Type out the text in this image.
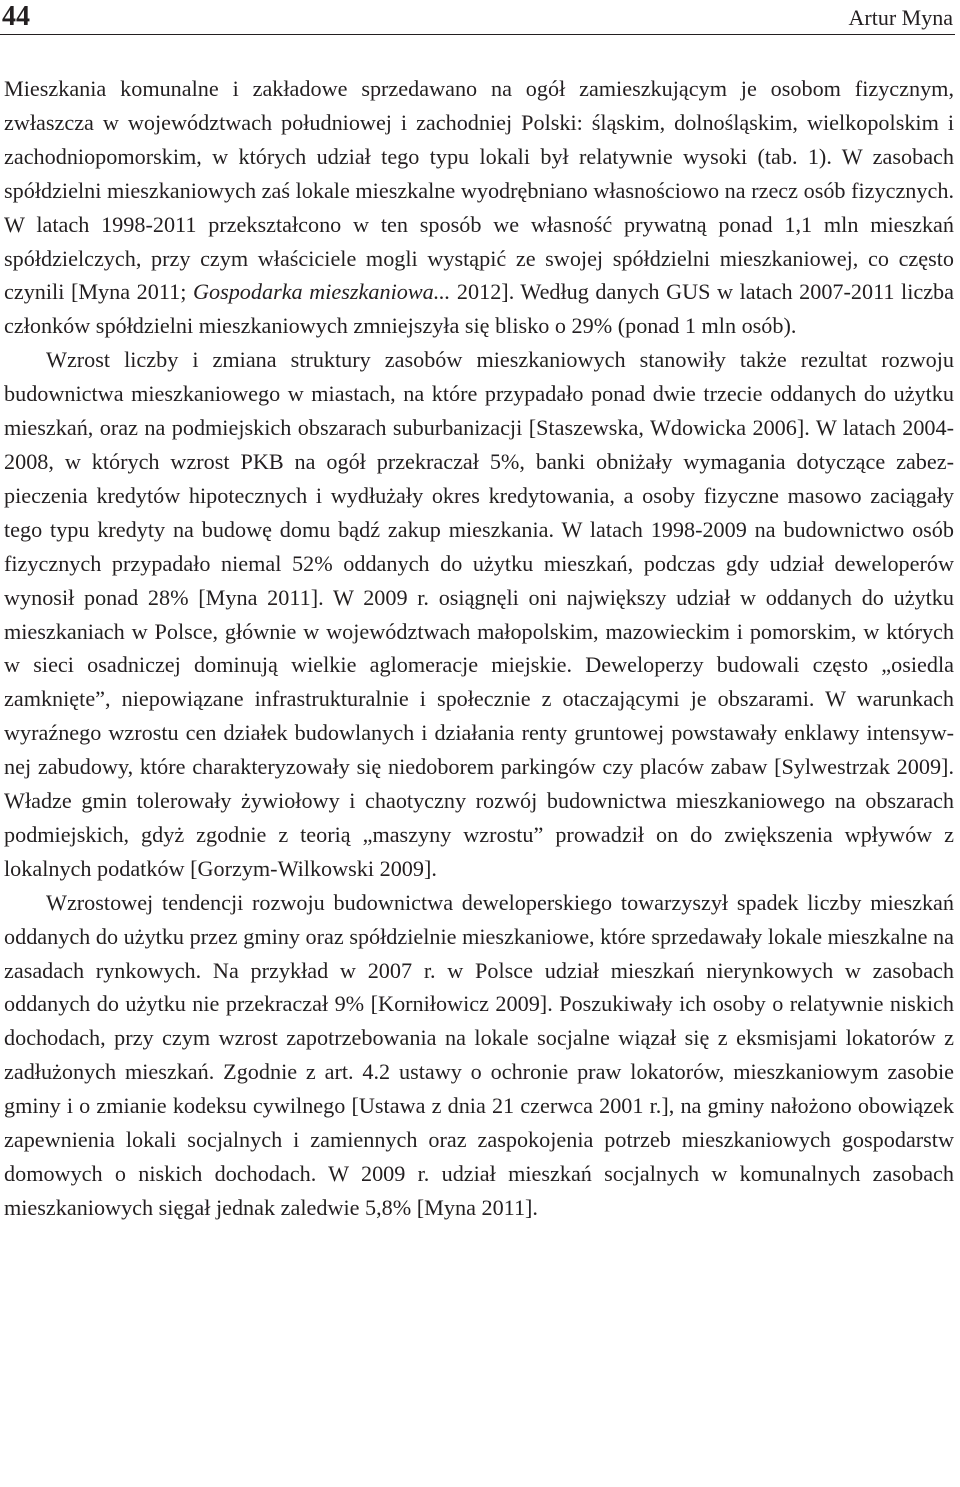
44	Artur Myna

Mieszkania komunalne i zakładowe sprzedawano na ogół zamieszkującym je osobom fizycznym, zwłaszcza w województwach południowej i zachodniej Polski: śląskim, dolnośląskim, wielkopolskim i zachodniopomorskim, w których udział tego typu lokali był relatywnie wysoki (tab. 1). W zasobach spółdzielni mieszkaniowych zaś lokale mieszkalne wyodrębniano własnościowo na rzecz osób fizycznych. W latach 1998-2011 przekształcono w ten sposób we własność prywatną ponad 1,1 mln mieszkań spółdzielczych, przy czym właściciele mogli wystąpić ze swojej spółdzielni mieszkaniowej, co często czynili [Myna 2011; Gospodarka mieszkaniowa... 2012]. Według danych GUS w latach 2007-2011 liczba członków spółdzielni mieszkaniowych zmniejszyła się blisko o 29% (ponad 1 mln osób).

Wzrost liczby i zmiana struktury zasobów mieszkaniowych stanowiły także rezultat rozwoju budownictwa mieszkaniowego w miastach, na które przypadało ponad dwie trzecie oddanych do użytku mieszkań, oraz na podmiejskich obszarach suburbanizacji [Staszewska, Wdowicka 2006]. W latach 2004-2008, w których wzrost PKB na ogół przekraczał 5%, banki obniżały wymagania dotyczące zabezpieczenia kredytów hipotecznych i wydłużały okres kredytowania, a osoby fizyczne masowo zaciągały tego typu kredyty na budowę domu bądź zakup mieszkania. W latach 1998-2009 na budownictwo osób fizycznych przypadało niemal 52% oddanych do użytku mieszkań, podczas gdy udział deweloperów wynosił ponad 28% [Myna 2011]. W 2009 r. osiągnęli oni największy udział w oddanych do użytku mieszkaniach w Polsce, głównie w województwach małopolskim, mazowieckim i pomorskim, w których w sieci osadniczej dominują wielkie aglomeracje miejskie. Deweloperzy budowali często „osiedla zamknięte”, niepowiązane infrastrukturalnie i społecznie z otaczającymi je obszarami. W warunkach wyraźnego wzrostu cen działek budowlanych i działania renty gruntowej powstawały enklawy intensywnej zabudowy, które charakteryzowały się niedoborem parkingów czy placów zabaw [Sylwestrzak 2009]. Władze gmin tolerowały żywiołowy i chaotyczny rozwój budownictwa mieszkaniowego na obszarach podmiejskich, gdyż zgodnie z teorią „maszyny wzrostu” prowadził on do zwiększenia wpływów z lokalnych podatków [Gorzym-Wilkowski 2009].

Wzrostowej tendencji rozwoju budownictwa deweloperskiego towarzyszył spadek liczby mieszkań oddanych do użytku przez gminy oraz spółdzielnie mieszkaniowe, które sprzedawały lokale mieszkalne na zasadach rynkowych. Na przykład w 2007 r. w Polsce udział mieszkań nierynkowych w zasobach oddanych do użytku nie przekraczał 9% [Korniłowicz 2009]. Poszukiwały ich osoby o relatywnie niskich dochodach, przy czym wzrost zapotrzebowania na lokale socjalne wiązał się z eksmisjami lokatorów z zadłużonych mieszkań. Zgodnie z art. 4.2 ustawy o ochronie praw lokatorów, mieszkaniowym zasobie gminy i o zmianie kodeksu cywilnego [Ustawa z dnia 21 czerwca 2001 r.], na gminy nałożono obowiązek zapewnienia lokali socjalnych i zamiennych oraz zaspokojenia potrzeb mieszkaniowych gospodarstw domowych o niskich dochodach. W 2009 r. udział mieszkań socjalnych w komunalnych zasobach mieszkaniowych sięgał jednak zaledwie 5,8% [Myna 2011].
